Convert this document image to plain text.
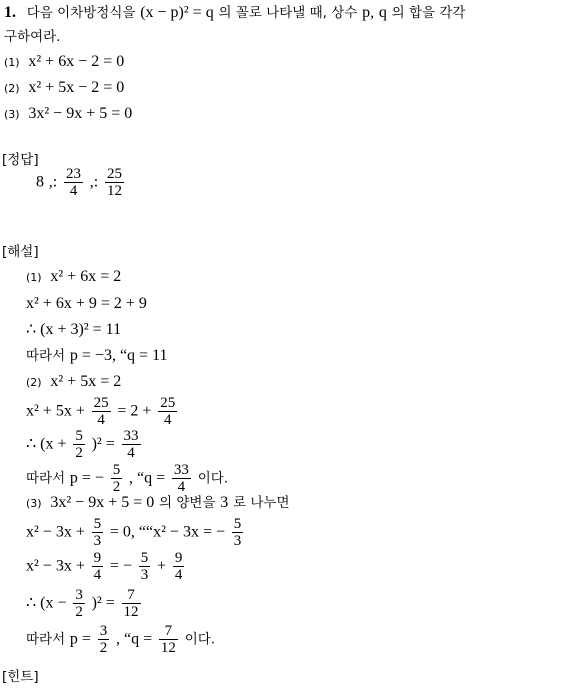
1. 다음 이차방정식을 (x − p)² = q 의 꼴로 나타낼 때, 상수 p, q 의 합을 각각
구하여라.
(1) x² + 6x − 2 = 0
(2) x² + 5x − 2 = 0
(3) 3x² − 9x + 5 = 0
[정답]
8 ,: $\frac{23}{4}$ ,: $\frac{25}{12}$
[해설]
(1) x² + 6x = 2
x² + 6x + 9 = 2 + 9
∴ (x + 3)² = 11
따라서 p = −3, “q = 11
(2) x² + 5x = 2
$x^2 + 5x + \frac{25}{4} = 2 + \frac{25}{4}$
∴ $(x + \frac{5}{2} )^2 = \frac{33}{4}$
따라서 p = − $\frac{5}{2}$ , “$q = \frac{33}{4}$ 이다.
(3) 3x² − 9x + 5 = 0 의 양변을 3 로 나누면
$x^2 - 3x + \frac{5}{3} = 0$, ““x² − 3x = − $\frac{5}{3}$
$x^2 - 3x + \frac{9}{4}$ = − $\frac{5}{3} + \frac{9}{4}$
∴ $(x - \frac{3}{2} )^2 = \frac{7}{12}$
따라서 $p = \frac{3}{2}$ , “$q = \frac{7}{12}$ 이다.
[힌트]
